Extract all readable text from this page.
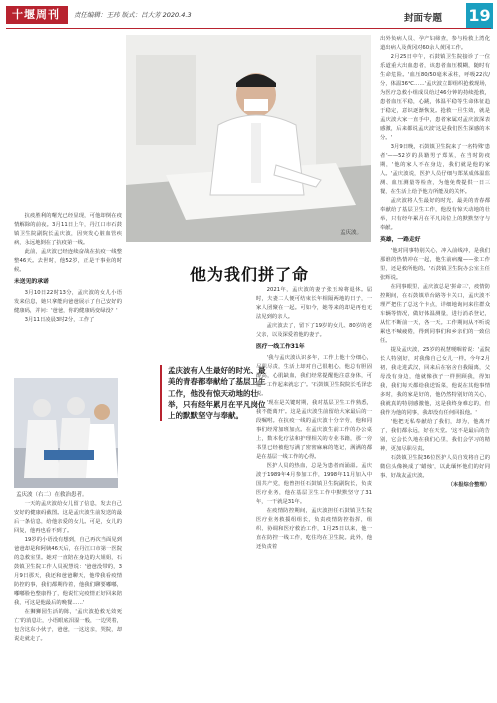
十堰周刊	责任编辑：王玮 版式：吕大芳 2020.4.3	封面专题 19
孟庆波。
他为我们拼了命
孟庆波有人生最好的时光、最美的青春都奉献给了基层卫生工作，他没有惊天动地的壮举，只有经年累月在平凡岗位上的默默坚守与奉献。

抗疫胜利的曙光已经显现，可他却倒在疫情解除的前夜。3月11日上午，丹江口市石鼓镇卫生院副院长孟庆波，因突发心脏血管疾病，永远地倒在了抗疫第一线。

此前，孟庆波已经连续奋战在抗疫一线整整46天。去世时，他52岁，正是干事业的时候。

未送见的承诺

3月10日22时13分，孟庆波的女儿小语发来信息，她只拿能向爸爸展示了自己安好的健康码，并问：'爸爸，你的健康码变绿没？'

3月11日凌晨3时2分，工作了

孟庆波（右二）在救治患者。

一天的孟庆波给女儿留了信息，发去自己安好的健康码截图。这是孟庆波生前发送的最后一条信息，给他亲爱的女儿。可是，女儿的回复，他再也看不到了。

19岁的小语没有想到，自己再次当面见到爸爸却是和阿姨46天后，在丹江口市第一医院的急救室里。她对一直陪在身边的大姐姐，石鼓镇卫生院工作人员祝慧说：'爸爸没带的，3月9日那天，我还和爸爸聊天，他带我看疫情防控的事，我们都期待着，他我们聊要嘟嘟，嘟嘟脸色整康得了，他说忙完疫情正好回来陪我，可这是他最后的晚餐……'

在狮狮园生活的陈，'孟庆波抢救无效死亡'的消息让，小语眼底泪湿一般，一边哭着，包含这东小伙子，爸爸，一这这亲，哭院，却说走就走了。

2021年，孟庆波的妻子张玉琼将退休。届时，夫妻二人便可结束长年相隔两地的日子，一家人团聚在一起。可如今，她等来的却是再也无法见到的亲人。

孟庆波去了，留下了19岁的女儿、80岁的老父亲，以及深爱着他的妻子。

医疗一线工作31年

'我与孟庆波认识多年，工作上他十分细心，尽职尽责，生活上却对自己很粗心，他总有胆固醇高，心肌缺血，我们经常提醒他注意身体，可他一工作起来就忘了'。'石鼓镇卫生院院长毛泽忠说。

'现在是关键时期，我对基层卫生工作熟悉，我不能离开'。这是孟庆波生前留给大家最后的一段嘱咐。在抗疫一线的孟庆波十分辛劳，他和同事们经常加班加点。在孟庆波生前工作的办公桌上，数本化疗法和护理相关的专业书籍，那一旁书里已经被他写满了密密麻麻的笔记，满满的都是在基层一线工作的心得。

医护人员的热血，总是为患者而涌溢。孟庆波于1989年4月参加工作，1998年11月加入中国共产党，他曾担任石鼓镇卫生院副院长，负责医疗业务，他在基层卫生工作中默默坚守了31年，一干就是31年。

在疫情防控期间，孟庆波担任石鼓镇卫生院医疗业务救援组组长，负责疫情防控指挥，组织、协调和医疗救治工作，1月25日以来，他一直在防控一线工作，吃住均在卫生院。此外，他还负责着

出外负病人员、孕产妇筛查，参与检救上湾化道出病人及黄冈对60余人黄冈工作。

2月25日中午，石鼓镇卫生院接诊了一位乐道重大出血患者，该患者血压模糊，随时有生命危险。'血压80/50毫米汞柱，呼吸22次/分，体温36℃……'孟庆波立即组织抢救现场，为医疗急救小组成员给过46分钟的持续抢救，患者血压平稳，心跳，体温平稳等生命体征趋于稳定，意识逐渐恢复。抢救一旦生效，就是孟庆波大家一直手中，患者家属对孟庆波深表感激，后来都说孟庆波'这是我们医生深感的本分。'

3月9日晚，石鼓镇卫生院来了一名特殊'患者'——52岁的县籍男子郑某，在当时防疫期，'他的家人不在身边，我们就是他的家人。'孟庆波说，医护人员仔细与郑某成体温监测、血压测量等检查，为他免费提供一日三餐，在生活上给予他力所能及的关怀。

孟庆波将人生最好的时光、最美的青春都奉献给了基层卫生工作，他没有惊天动地的壮举，只有经年累月在平凡岗位上的默默坚守与奉献。

英雄，一路走好

'他对同事特别关心，冲入前线冲，是我们那谁的热情冲在一起，他生前病魔——张工作里，还是救所他的。'石鼓镇卫生院办公室主任张辉说。

在同事眼里，孟庆波总是'拼命三'，疫情防控期间，在石鼓镇草台路等卡关口，孟庆波不理严把住了总这个卡点，详细地询问来往群众车辆等情况，做好体温测量，进行消杀登记，从忙不断前一天，各一天。工作期间从不听说累也不喊疲倦，得到同事们和乡亲们的一致信任。

提及孟庆波，25岁的祝慧哽咽着说：'孟院长人特别好，对我像自己女儿一样。今年2月初，我走进武汉，回来后在宿舍自我隔离，父母没有身边，他就像孩子一样照顾我，得知我，我们每天都给我送饭菜，他说在其他事情多时，我的家是好的，他仍然特别好的关心，我就真的特别感激他，这是我终身难忘的，但我作为他的同事，我却没有任何回报他。'

'他把无私奉献给了我们，却为，他离开了，我们都永远，好在天堂。'这不是最后的告别，它会长久地在我们心里，我们会学习的精神，更加尽职尽责。

石鼓镇卫生院36位医护人员自发将自己的微信头像换成了'蜡烛'，以此缅怀他们的好同事、好战友孟庆波。

（本报综合整理）
